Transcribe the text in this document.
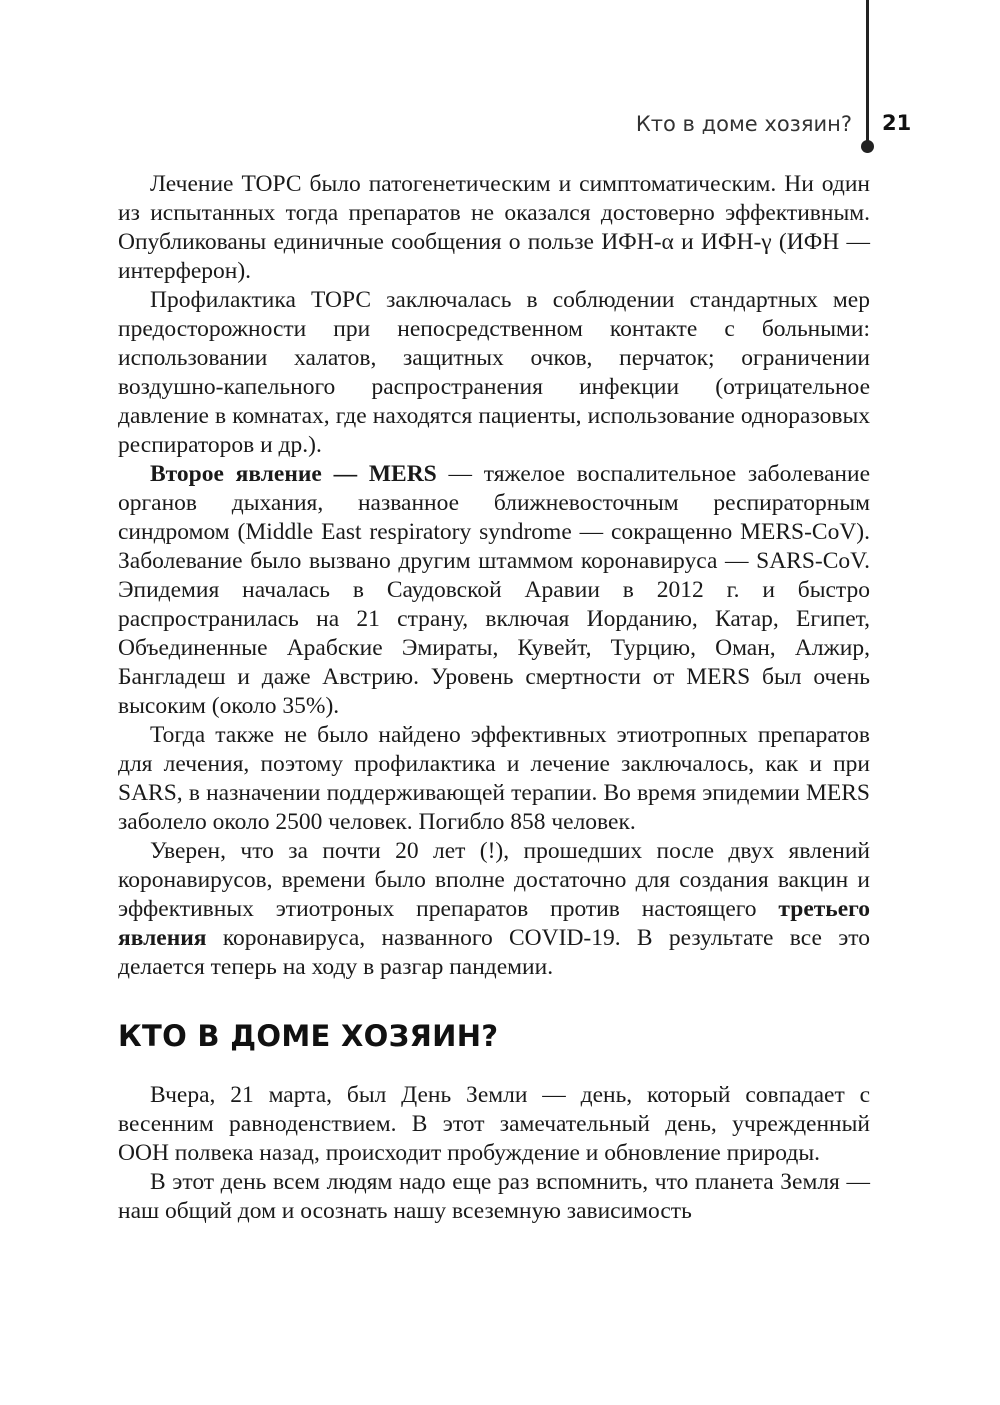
Кто в доме хозяин? 21

Лечение ТОРС было патогенетическим и симптоматическим. Ни один из испытанных тогда препаратов не оказался достоверно эффективным. Опубликованы единичные сообщения о пользе ИФН-α и ИФН-γ (ИФН — интерферон).

Профилактика ТОРС заключалась в соблюдении стандартных мер предосторожности при непосредственном контакте с больными: использовании халатов, защитных очков, перчаток; ограничении воздушно-капельного распространения инфекции (отрицательное давление в комнатах, где находятся пациенты, использование одноразовых респираторов и др.).

Второе явление — MERS — тяжелое воспалительное заболевание органов дыхания, названное ближневосточным респираторным синдромом (Middle East respiratory syndrome — сокращенно MERS-CoV). Заболевание было вызвано другим штаммом коронавируса — SARS-CoV. Эпидемия началась в Саудовской Аравии в 2012 г. и быстро распространилась на 21 страну, включая Иорданию, Катар, Египет, Объединенные Арабские Эмираты, Кувейт, Турцию, Оман, Алжир, Бангладеш и даже Австрию. Уровень смертности от MERS был очень высоким (около 35%).

Тогда также не было найдено эффективных этиотропных препаратов для лечения, поэтому профилактика и лечение заключалось, как и при SARS, в назначении поддерживающей терапии. Во время эпидемии MERS заболело около 2500 человек. Погибло 858 человек.

Уверен, что за почти 20 лет (!), прошедших после двух явлений коронавирусов, времени было вполне достаточно для создания вакцин и эффективных этиотроных препаратов против настоящего третьего явления коронавируса, названного COVID-19. В результате все это делается теперь на ходу в разгар пандемии.

КТО В ДОМЕ ХОЗЯИН?

Вчера, 21 марта, был День Земли — день, который совпадает с весенним равноденствием. В этот замечательный день, учрежденный ООН полвека назад, происходит пробуждение и обновление природы.

В этот день всем людям надо еще раз вспомнить, что планета Земля — наш общий дом и осознать нашу всеземную зависимость
